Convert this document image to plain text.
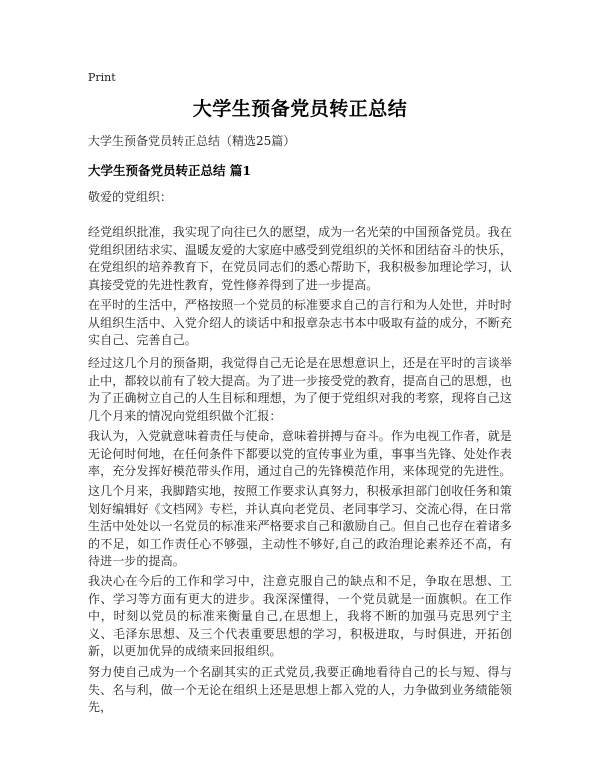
Print
大学生预备党员转正总结
大学生预备党员转正总结（精选25篇）
大学生预备党员转正总结 篇1
敬爱的党组织：

经党组织批准，我实现了向往已久的愿望，成为一名光荣的中国预备党员。我在党组织团结求实、温暖友爱的大家庭中感受到党组织的关怀和团结奋斗的快乐，在党组织的培养教育下，在党员同志们的悉心帮助下，我积极参加理论学习，认真接受党的先进性教育，党性修养得到了进一步提高。

在平时的生活中，严格按照一个党员的标准要求自己的言行和为人处世，并时时从组织生活中、入党介绍人的谈话中和报章杂志书本中吸取有益的成分，不断充实自己、完善自己。

经过这几个月的预备期，我觉得自己无论是在思想意识上，还是在平时的言谈举止中，都较以前有了较大提高。为了进一步接受党的教育，提高自己的思想，也为了正确树立自己的人生目标和理想，为了便于党组织对我的考察，现将自己这几个月来的情况向党组织做个汇报：

我认为，入党就意味着责任与使命，意味着拼搏与奋斗。作为电视工作者，就是无论何时何地，在任何条件下都要以党的宣传事业为重，事事当先锋、处处作表率，充分发挥好模范带头作用，通过自己的先锋模范作用，来体现党的先进性。

这几个月来，我脚踏实地，按照工作要求认真努力，积极承担部门创收任务和策划好编辑好《文档网》专栏，并认真向老党员、老同事学习、交流心得，在日常生活中处处以一名党员的标准来严格要求自己和激励自己。但自己也存在着诸多的不足，如工作责任心不够强，主动性不够好,自己的政治理论素养还不高，有待进一步的提高。

我决心在今后的工作和学习中，注意克服自己的缺点和不足，争取在思想、工作、学习等方面有更大的进步。我深深懂得，一个党员就是一面旗帜。在工作中，时刻以党员的标准来衡量自己,在思想上，我将不断的加强马克思列宁主义、毛泽东思想、及三个代表重要思想的学习，积极进取，与时俱进，开拓创新，以更加优异的成绩来回报组织。

努力使自己成为一个名副其实的正式党员,我要正确地看待自己的长与短、得与失、名与利，做一个无论在组织上还是思想上都入党的人，力争做到业务绩能领先，
